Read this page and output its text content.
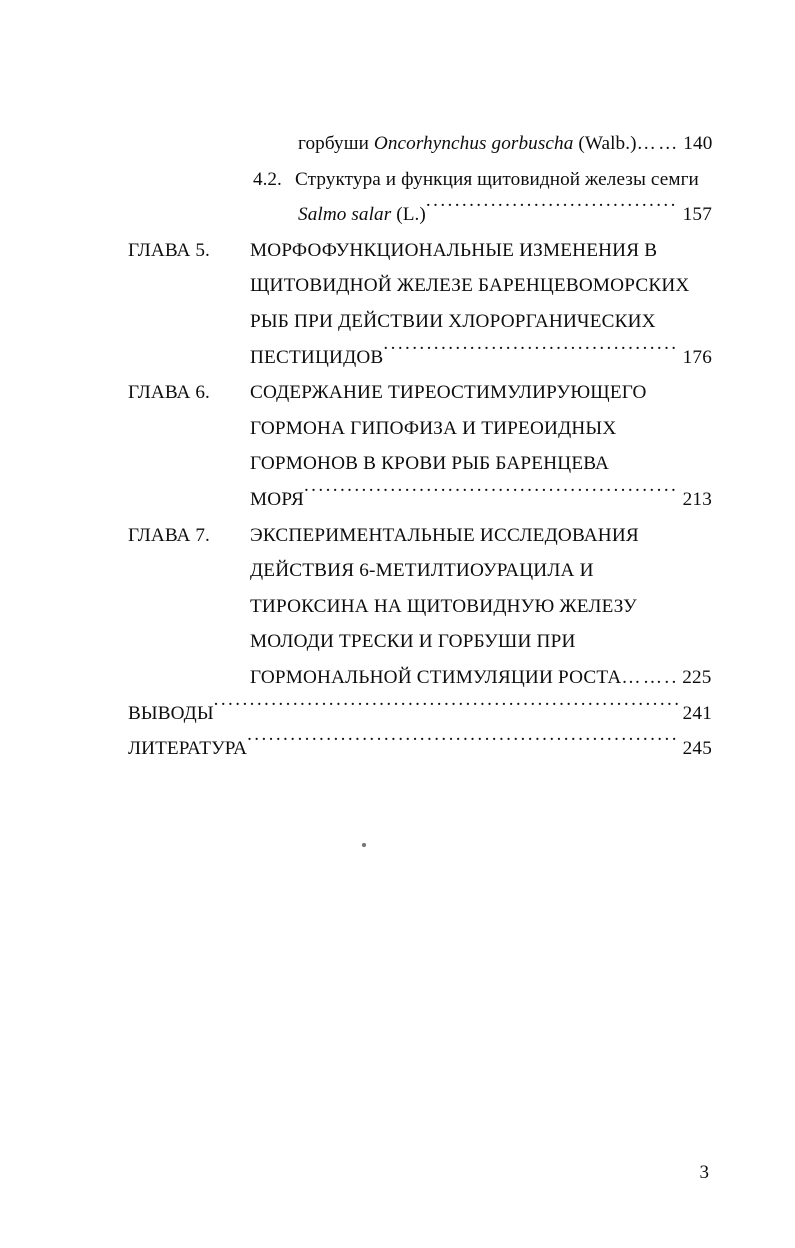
горбуши Oncorhynchus gorbuscha (Walb.) …… 140
4.2. Структура и функция щитовидной железы семги
Salmo salar (L.) .....	157
ГЛАВА 5.	МОРФОФУНКЦИОНАЛЬНЫЕ ИЗМЕНЕНИЯ В
ЩИТОВИДНОЙ ЖЕЛЕЗЕ БАРЕНЦЕВОМОРСКИХ
РЫБ ПРИ ДЕЙСТВИИ ХЛОРОРГАНИЧЕСКИХ
ПЕСТИЦИДОВ .....	176
ГЛАВА 6.	СОДЕРЖАНИЕ ТИРЕОСТИМУЛИРУЮЩЕГО
ГОРМОНА ГИПОФИЗА И ТИРЕОИДНЫХ
ГОРМОНОВ В КРОВИ РЫБ БАРЕНЦЕВА
МОРЯ .....	213
ГЛАВА 7.	ЭКСПЕРИМЕНТАЛЬНЫЕ ИССЛЕДОВАНИЯ
ДЕЙСТВИЯ 6-МЕТИЛТИОУРАЦИЛА И
ТИРОКСИНА НА ЩИТОВИДНУЮ ЖЕЛЕЗУ
МОЛОДИ ТРЕСКИ И ГОРБУШИ ПРИ
ГОРМОНАЛЬНОЙ СТИМУЛЯЦИИ РОСТА …….. 225
ВЫВОДЫ .....	241
ЛИТЕРАТУРА .....	245
3
